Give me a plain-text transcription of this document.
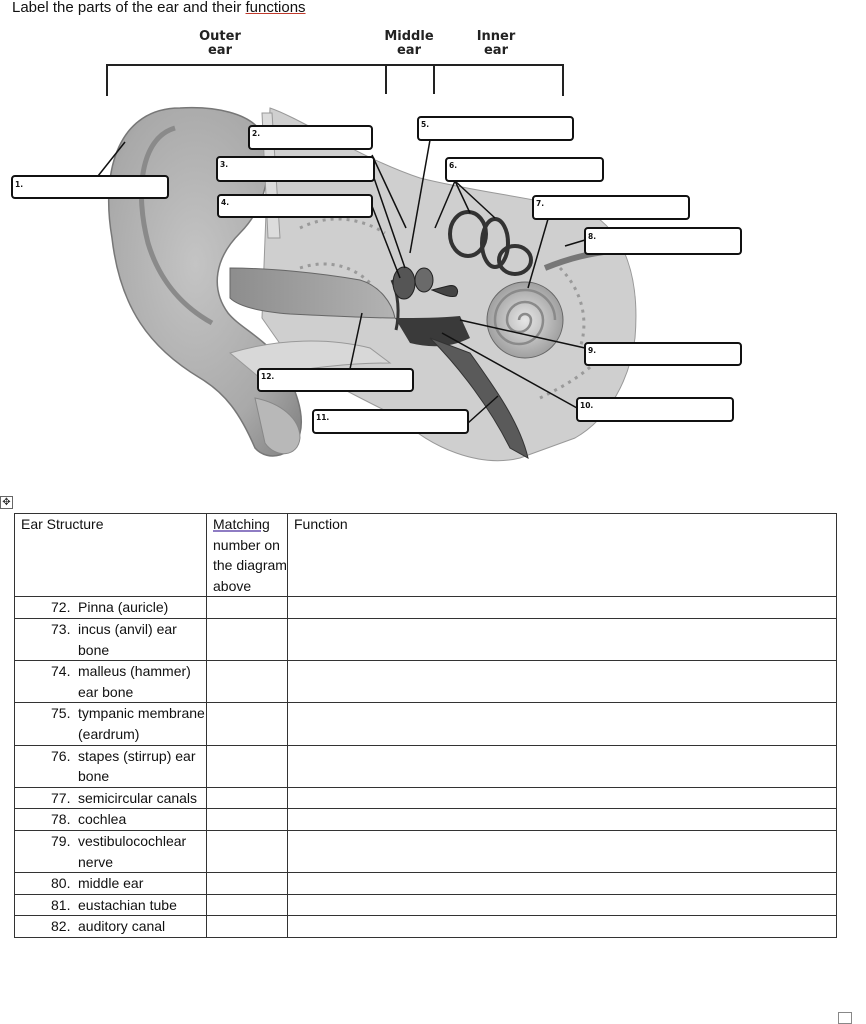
Label the parts of the ear and their functions
Outer
ear
Middle
ear
Inner
ear
1.
2.
3.
4.
5.
6.
7.
8.
9.
10.
11.
12.
✥
Ear Structure	Matching number on the diagram above	Function

72. Pinna (auricle)		

73. incus (anvil) ear bone		

74. malleus (hammer) ear bone		

75. tympanic membrane (eardrum)		

76. stapes (stirrup) ear bone		

77. semicircular canals		

78. cochlea		

79. vestibulocochlear nerve		

80. middle ear		

81. eustachian tube		

82. auditory canal		
